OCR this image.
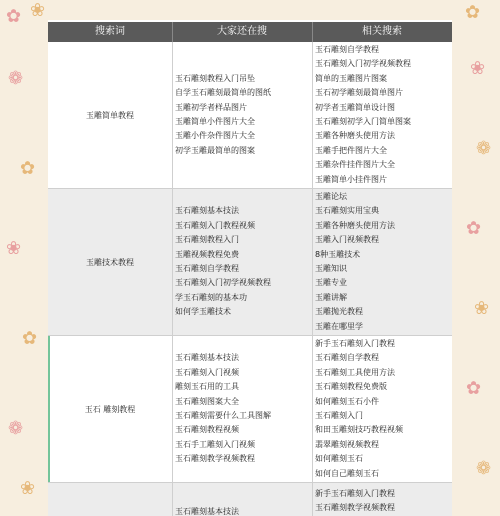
✿ ❀
❁
✿
❀
✿
❁
❀
✿
❀
❁
✿
❀
✿
❁
搜索词	大家还在搜	相关搜索
玉雕简单教程
玉石雕刻教程入门吊坠
自学玉石雕刻最简单的图纸
玉雕初学者样品图片
玉雕简单小件图片大全
玉雕小件杂件图片大全
初学玉雕最简单的图案
玉石雕刻自学教程
玉石雕刻入门初学视频教程
简单的玉雕图片图案
玉石初学雕刻最简单图片
初学者玉雕简单设计图
玉石雕刻初学入门简单图案
玉雕各种磨头使用方法
玉雕手把件图片大全
玉雕杂件挂件图片大全
玉雕简单小挂件图片
玉雕技术教程
玉石雕刻基本技法
玉石雕刻入门教程视频
玉石雕刻教程入门
玉雕视频教程免费
玉石雕刻自学教程
玉石雕刻入门初学视频教程
学玉石雕刻的基本功
如何学玉雕技术
玉雕论坛
玉石雕刻实用宝典
玉雕各种磨头使用方法
玉雕入门视频教程
8种玉雕技术
玉雕知识
玉雕专业
玉雕讲解
玉雕抛光教程
玉雕在哪里学
玉石 雕刻教程
玉石雕刻基本技法
玉石雕刻入门视频
雕刻玉石用的工具
玉石雕刻图案大全
玉石雕刻需要什么工具图解
玉石雕刻教程视频
玉石手工雕刻入门视频
玉石雕刻教学视频教程
新手玉石雕刻入门教程
玉石雕刻自学教程
玉石雕刻工具使用方法
玉石雕刻教程免费版
如何雕刻玉石小件
玉石雕刻入门
和田玉雕刻技巧教程视频
翡翠雕刻视频教程
如何雕刻玉石
如何自己雕刻玉石
玉石雕刻基本技法
新手玉石雕刻入门教程
玉石雕刻教学视频教程
